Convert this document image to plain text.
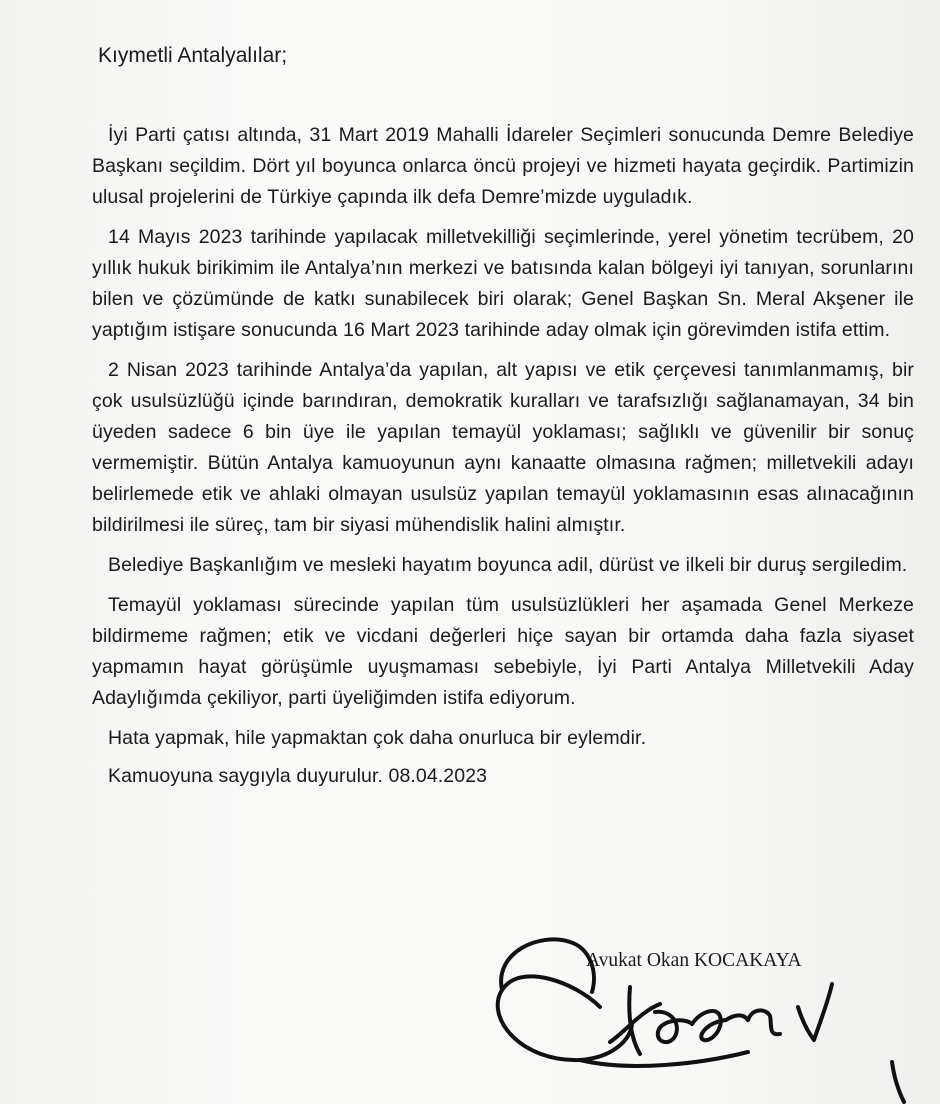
Kıymetli Antalyalılar;

İyi Parti çatısı altında, 31 Mart 2019 Mahalli İdareler Seçimleri sonucunda Demre Belediye Başkanı seçildim. Dört yıl boyunca onlarca öncü projeyi ve hizmeti hayata geçirdik. Partimizin ulusal projelerini de Türkiye çapında ilk defa Demre’mizde uyguladık.

14 Mayıs 2023 tarihinde yapılacak milletvekilliği seçimlerinde, yerel yönetim tecrübem, 20 yıllık hukuk birikimim ile Antalya’nın merkezi ve batısında kalan bölgeyi iyi tanıyan, sorunlarını bilen ve çözümünde de katkı sunabilecek biri olarak; Genel Başkan Sn. Meral Akşener ile yaptığım istişare sonucunda 16 Mart 2023 tarihinde aday olmak için görevimden istifa ettim.

2 Nisan 2023 tarihinde Antalya’da yapılan, alt yapısı ve etik çerçevesi tanımlanmamış, bir çok usulsüzlüğü içinde barındıran, demokratik kuralları ve tarafsızlığı sağlanamayan, 34 bin üyeden sadece 6 bin üye ile yapılan temayül yoklaması; sağlıklı ve güvenilir bir sonuç vermemiştir. Bütün Antalya kamuoyunun aynı kanaatte olmasına rağmen; milletvekili adayı belirlemede etik ve ahlaki olmayan usulsüz yapılan temayül yoklamasının esas alınacağının bildirilmesi ile süreç, tam bir siyasi mühendislik halini almıştır.

Belediye Başkanlığım ve mesleki hayatım boyunca adil, dürüst ve ilkeli bir duruş sergiledim.

Temayül yoklaması sürecinde yapılan tüm usulsüzlükleri her aşamada Genel Merkeze bildirmeme rağmen; etik ve vicdani değerleri hiçe sayan bir ortamda daha fazla siyaset yapmamın hayat görüşümle uyuşmaması sebebiyle, İyi Parti Antalya Milletvekili Aday Adaylığımda çekiliyor, parti üyeliğimden istifa ediyorum.

Hata yapmak, hile yapmaktan çok daha onurluca bir eylemdir.

Kamuoyuna saygıyla duyurulur. 08.04.2023

Avukat Okan KOCAKAYA
